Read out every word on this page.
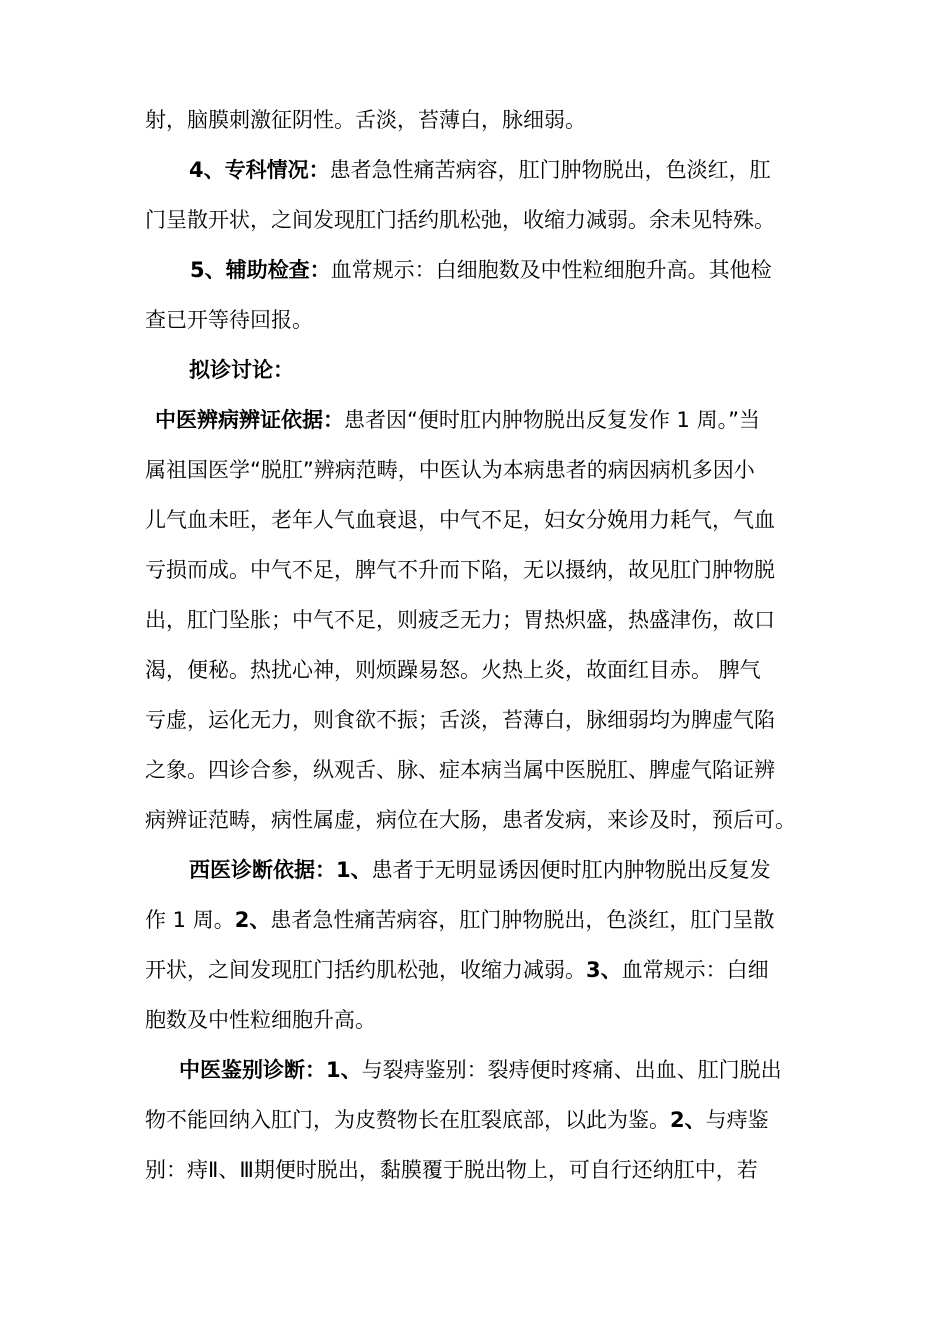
射，脑膜刺激征阴性。舌淡，苔薄白，脉细弱。
4、专科情况：患者急性痛苦病容，肛门肿物脱出，色淡红，肛
门呈散开状，之间发现肛门括约肌松弛，收缩力减弱。余未见特殊。
5、辅助检查：血常规示：白细胞数及中性粒细胞升高。其他检
查已开等待回报。
拟诊讨论：
中医辨病辨证依据：患者因“便时肛内肿物脱出反复发作 1 周。”当
属祖国医学“脱肛”辨病范畴，中医认为本病患者的病因病机多因小
儿气血未旺，老年人气血衰退，中气不足，妇女分娩用力耗气，气血
亏损而成。中气不足，脾气不升而下陷，无以摄纳，故见肛门肿物脱
出，肛门坠胀；中气不足，则疲乏无力；胃热炽盛，热盛津伤，故口
渴，便秘。热扰心神，则烦躁易怒。火热上炎，故面红目赤。 脾气
亏虚，运化无力，则食欲不振；舌淡，苔薄白，脉细弱均为脾虚气陷
之象。四诊合参，纵观舌、脉、症本病当属中医脱肛、脾虚气陷证辨
病辨证范畴，病性属虚，病位在大肠，患者发病，来诊及时，预后可。
西医诊断依据：1、患者于无明显诱因便时肛内肿物脱出反复发
作 1 周。2、患者急性痛苦病容，肛门肿物脱出，色淡红，肛门呈散
开状，之间发现肛门括约肌松弛，收缩力减弱。3、血常规示：白细
胞数及中性粒细胞升高。
中医鉴别诊断：1、与裂痔鉴别：裂痔便时疼痛、出血、肛门脱出
物不能回纳入肛门，为皮赘物长在肛裂底部，以此为鉴。2、与痔鉴
别：痔Ⅱ、Ⅲ期便时脱出，黏膜覆于脱出物上，可自行还纳肛中，若
